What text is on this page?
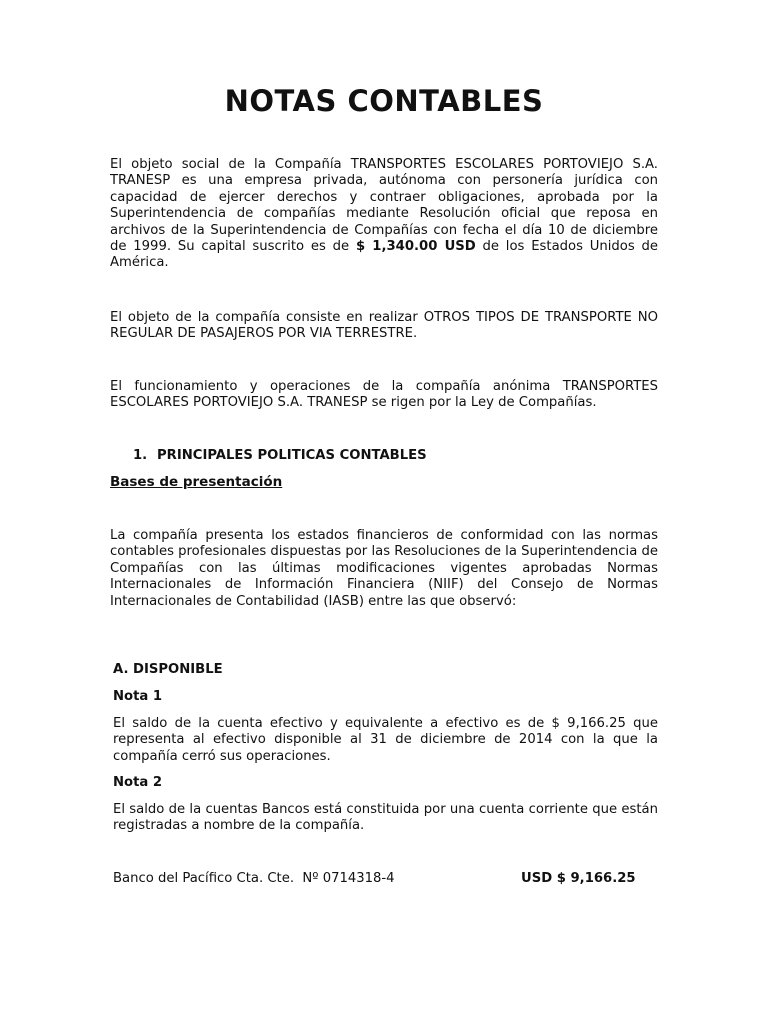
NOTAS CONTABLES

El objeto social de la Compañía TRANSPORTES ESCOLARES PORTOVIEJO S.A. TRANESP es una empresa privada, autónoma con personería jurídica con capacidad de ejercer derechos y contraer obligaciones, aprobada por la Superintendencia de compañías mediante Resolución oficial que reposa en archivos de la Superintendencia de Compañías con fecha el día 10 de diciembre de 1999. Su capital suscrito es de $ 1,340.00 USD de los Estados Unidos de América.

El objeto de la compañía consiste en realizar OTROS TIPOS DE TRANSPORTE NO REGULAR DE PASAJEROS POR VIA TERRESTRE.

El funcionamiento y operaciones de la compañía anónima TRANSPORTES ESCOLARES PORTOVIEJO S.A. TRANESP se rigen por la Ley de Compañías.

1. PRINCIPALES POLITICAS CONTABLES

Bases de presentación

La compañía presenta los estados financieros de conformidad con las normas contables profesionales dispuestas por las Resoluciones de la Superintendencia de Compañías con las últimas modificaciones vigentes aprobadas Normas Internacionales de Información Financiera (NIIF) del Consejo de Normas Internacionales de Contabilidad (IASB) entre las que observó:

A. DISPONIBLE

Nota 1

El saldo de la cuenta efectivo y equivalente a efectivo es de $ 9,166.25 que representa al efectivo disponible al 31 de diciembre de 2014 con la que la compañía cerró sus operaciones.

Nota 2

El saldo de la cuentas Bancos está constituida por una cuenta corriente que están registradas a nombre de la compañía.

Banco del Pacífico Cta. Cte.  Nº 0714318-4	USD $ 9,166.25
